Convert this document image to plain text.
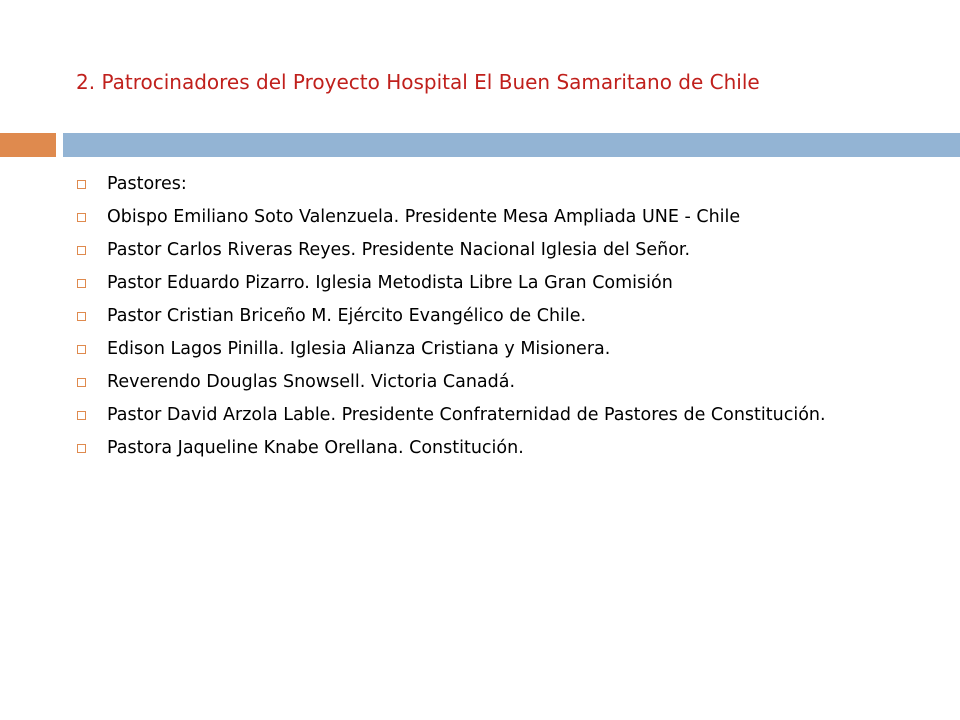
2. Patrocinadores del Proyecto Hospital El Buen Samaritano de Chile
Pastores:
Obispo Emiliano Soto Valenzuela. Presidente Mesa Ampliada UNE - Chile
Pastor Carlos Riveras Reyes. Presidente Nacional Iglesia del Señor.
Pastor Eduardo Pizarro. Iglesia Metodista Libre La Gran Comisión
Pastor Cristian Briceño M. Ejército Evangélico de Chile.
Edison Lagos Pinilla. Iglesia Alianza Cristiana y Misionera.
Reverendo Douglas Snowsell. Victoria Canadá.
Pastor David Arzola Lable. Presidente Confraternidad de Pastores de Constitución.
Pastora Jaqueline Knabe Orellana. Constitución.
